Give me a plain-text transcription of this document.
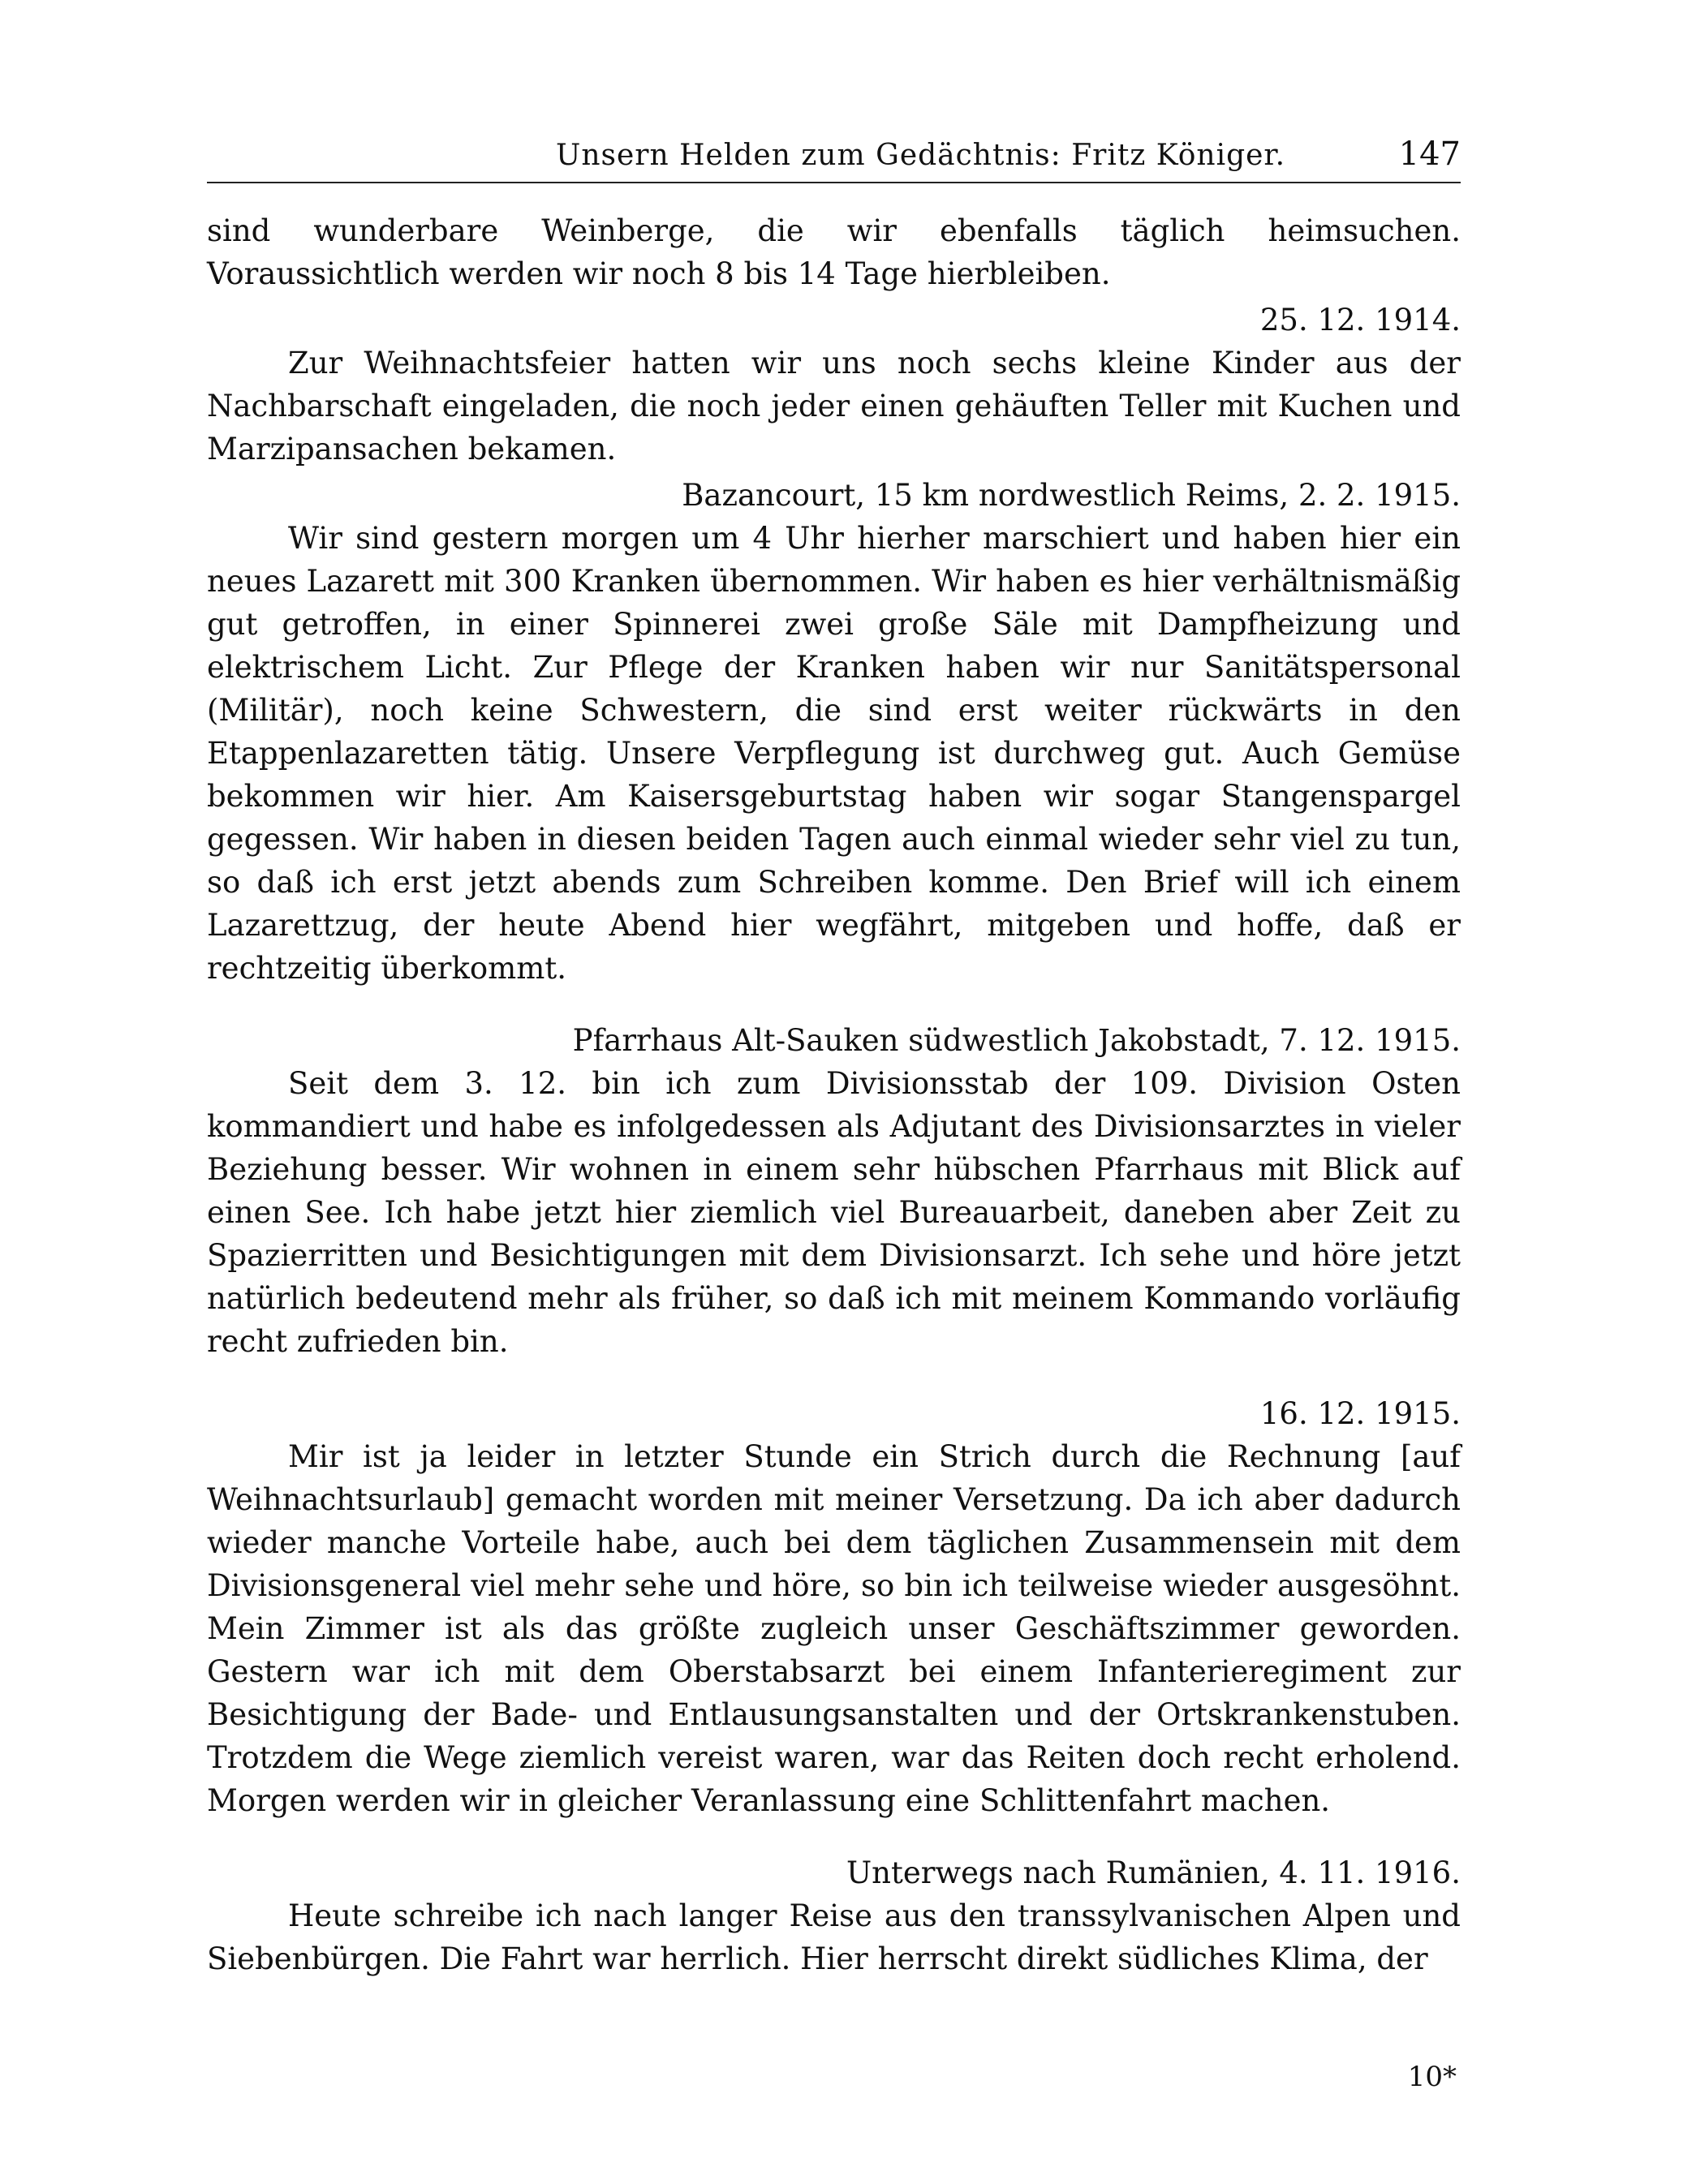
Unsern Helden zum Gedächtnis: Fritz Königer.	147

sind wunderbare Weinberge, die wir ebenfalls täglich heimsuchen. Voraussichtlich werden wir noch 8 bis 14 Tage hierbleiben.

25. 12. 1914.

Zur Weihnachtsfeier hatten wir uns noch sechs kleine Kinder aus der Nachbarschaft eingeladen, die noch jeder einen gehäuften Teller mit Kuchen und Marzipansachen bekamen.

Bazancourt, 15 km nordwestlich Reims, 2. 2. 1915.

Wir sind gestern morgen um 4 Uhr hierher marschiert und haben hier ein neues Lazarett mit 300 Kranken übernommen. Wir haben es hier verhältnismäßig gut getroffen, in einer Spinnerei zwei große Säle mit Dampfheizung und elektrischem Licht. Zur Pflege der Kranken haben wir nur Sanitätspersonal (Militär), noch keine Schwestern, die sind erst weiter rückwärts in den Etappenlazaretten tätig. Unsere Verpflegung ist durchweg gut. Auch Gemüse bekommen wir hier. Am Kaisersgeburtstag haben wir sogar Stangenspargel gegessen. Wir haben in diesen beiden Tagen auch einmal wieder sehr viel zu tun, so daß ich erst jetzt abends zum Schreiben komme. Den Brief will ich einem Lazarettzug, der heute Abend hier wegfährt, mitgeben und hoffe, daß er rechtzeitig überkommt.

Pfarrhaus Alt-Sauken südwestlich Jakobstadt, 7. 12. 1915.

Seit dem 3. 12. bin ich zum Divisionsstab der 109. Division Osten kommandiert und habe es infolgedessen als Adjutant des Divisionsarztes in vieler Beziehung besser. Wir wohnen in einem sehr hübschen Pfarrhaus mit Blick auf einen See. Ich habe jetzt hier ziemlich viel Bureauarbeit, daneben aber Zeit zu Spazierritten und Besichtigungen mit dem Divisionsarzt. Ich sehe und höre jetzt natürlich bedeutend mehr als früher, so daß ich mit meinem Kommando vorläufig recht zufrieden bin.

16. 12. 1915.

Mir ist ja leider in letzter Stunde ein Strich durch die Rechnung [auf Weihnachtsurlaub] gemacht worden mit meiner Versetzung. Da ich aber dadurch wieder manche Vorteile habe, auch bei dem täglichen Zusammensein mit dem Divisionsgeneral viel mehr sehe und höre, so bin ich teilweise wieder ausgesöhnt. Mein Zimmer ist als das größte zugleich unser Geschäftszimmer geworden. Gestern war ich mit dem Oberstabsarzt bei einem Infanterieregiment zur Besichtigung der Bade- und Entlausungsanstalten und der Ortskrankenstuben. Trotzdem die Wege ziemlich vereist waren, war das Reiten doch recht erholend. Morgen werden wir in gleicher Veranlassung eine Schlittenfahrt machen.

Unterwegs nach Rumänien, 4. 11. 1916.

Heute schreibe ich nach langer Reise aus den transsylvanischen Alpen und Siebenbürgen. Die Fahrt war herrlich. Hier herrscht direkt südliches Klima, der

10*
